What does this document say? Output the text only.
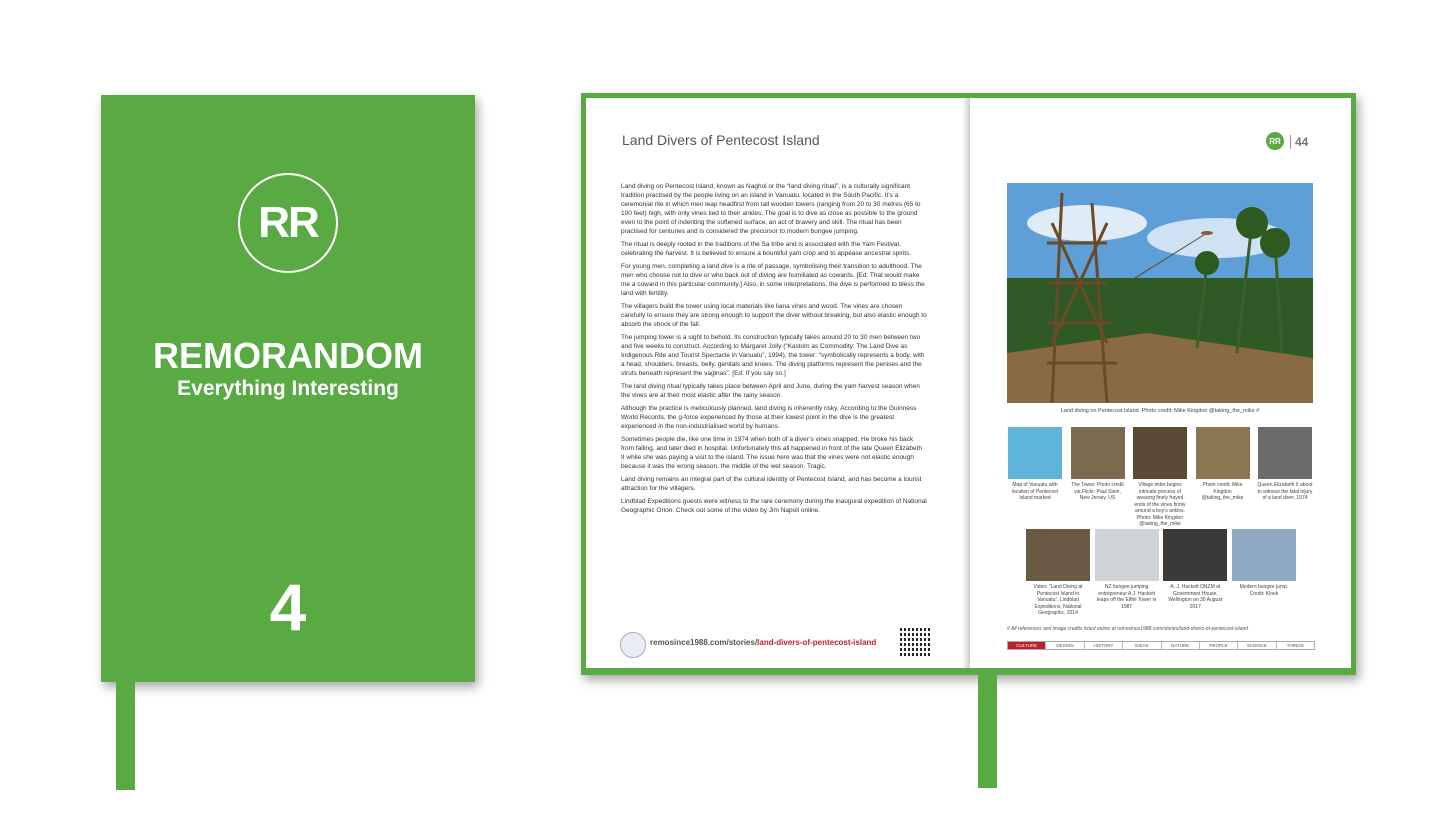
RR
REMORANDOM
Everything Interesting
4
Land Divers of Pentecost Island

Land diving on Pentecost Island, known as Naghol or the “land diving ritual”, is a culturally significant tradition practised by the people living on an island in Vanuatu, located in the South Pacific. It’s a ceremonial rite in which men leap headfirst from tall wooden towers (ranging from 20 to 30 metres (65 to 100 feet) high, with only vines tied to their ankles. The goal is to dive as close as possible to the ground even to the point of indenting the softened surface, an act of bravery and skill. The ritual has been practised for centuries and is considered the precursor to modern bungee jumping.

The ritual is deeply rooted in the traditions of the Sa tribe and is associated with the Yam Festival, celebrating the harvest. It is believed to ensure a bountiful yam crop and to appease ancestral spirits.

For young men, completing a land dive is a rite of passage, symbolising their transition to adulthood. The men who choose not to dive or who back out of diving are humiliated as cowards. [Ed: That would make me a coward in this particular community.] Also, in some interpretations, the dive is performed to bless the land with fertility.

The villagers build the tower using local materials like liana vines and wood. The vines are chosen carefully to ensure they are strong enough to support the diver without breaking, but also elastic enough to absorb the shock of the fall.

The jumping tower is a sight to behold. Its construction typically takes around 20 to 30 men between two and five weeks to construct. According to Margaret Jolly (“Kastom as Commodity: The Land Dive as Indigenous Rite and Tourist Spectacle in Vanuatu”, 1994), the tower: “symbolically represents a body, with a head, shoulders, breasts, belly, genitals and knees. The diving platforms represent the penises and the struts beneath represent the vaginas”. [Ed: If you say so.]

The land diving ritual typically takes place between April and June, during the yam harvest season when the vines are at their most elastic after the rainy season.

Although the practice is meticulously planned, land diving is inherently risky. According to the Guinness World Records, the g-force experienced by those at their lowest point in the dive is the greatest experienced in the non-industrialised world by humans.

Sometimes people die, like one time in 1974 when both of a diver’s vines snapped. He broke his back from falling, and later died in hospital. Unfortunately this all happened in front of the late Queen Elizabeth II while she was paying a visit to the island. The issue here was that the vines were not elastic enough because it was the wrong season, the middle of the wet season. Tragic.

Land diving remains an integral part of the cultural identity of Pentecost Island, and has become a tourist attraction for the villagers.

Lindblad Expeditions guests were witness to the rare ceremony during the inaugural expedition of National Geographic Orion. Check out some of the video by Jim Napoli online.

remosince1988.com/stories/land-divers-of-pentecost-island
RR	44
Land diving on Pentecost Island. Photo credit: Mike Kingdon @taking_the_mike #
Map of Vanuatu with location of Pentecost Island marked
The Tower. Photo credit via Flickr: Paul Stein, New Jersey, US
Village elder begins intricate process of weaving finely frayed ends of the vines firmly around a boy's ankles. Photo: Mike Kingdon @taking_the_mike
Photo credit: Mike Kingdon @taking_the_mike
Queen Elizabeth II about to witness the fatal injury of a land diver, 1974
Video: “Land Diving at Pentecost Island in Vanuatu”, Lindblad Expeditions, National Geographic, 2014
NZ bungee jumping entrepreneur A.J. Hackett leaps off the Eiffel Tower in 1987
A. J. Hackett ONZM at Government House, Wellington on 30 August 2017
Modern bungee jump. Credit: Klook
# All references and image credits listed online at remosince1988.com/stories/land-divers-of-pentecost-island
CULTURE	DESIGN	HISTORY	IDEAS	NATURE	PEOPLE	SCIENCE	THINGS
